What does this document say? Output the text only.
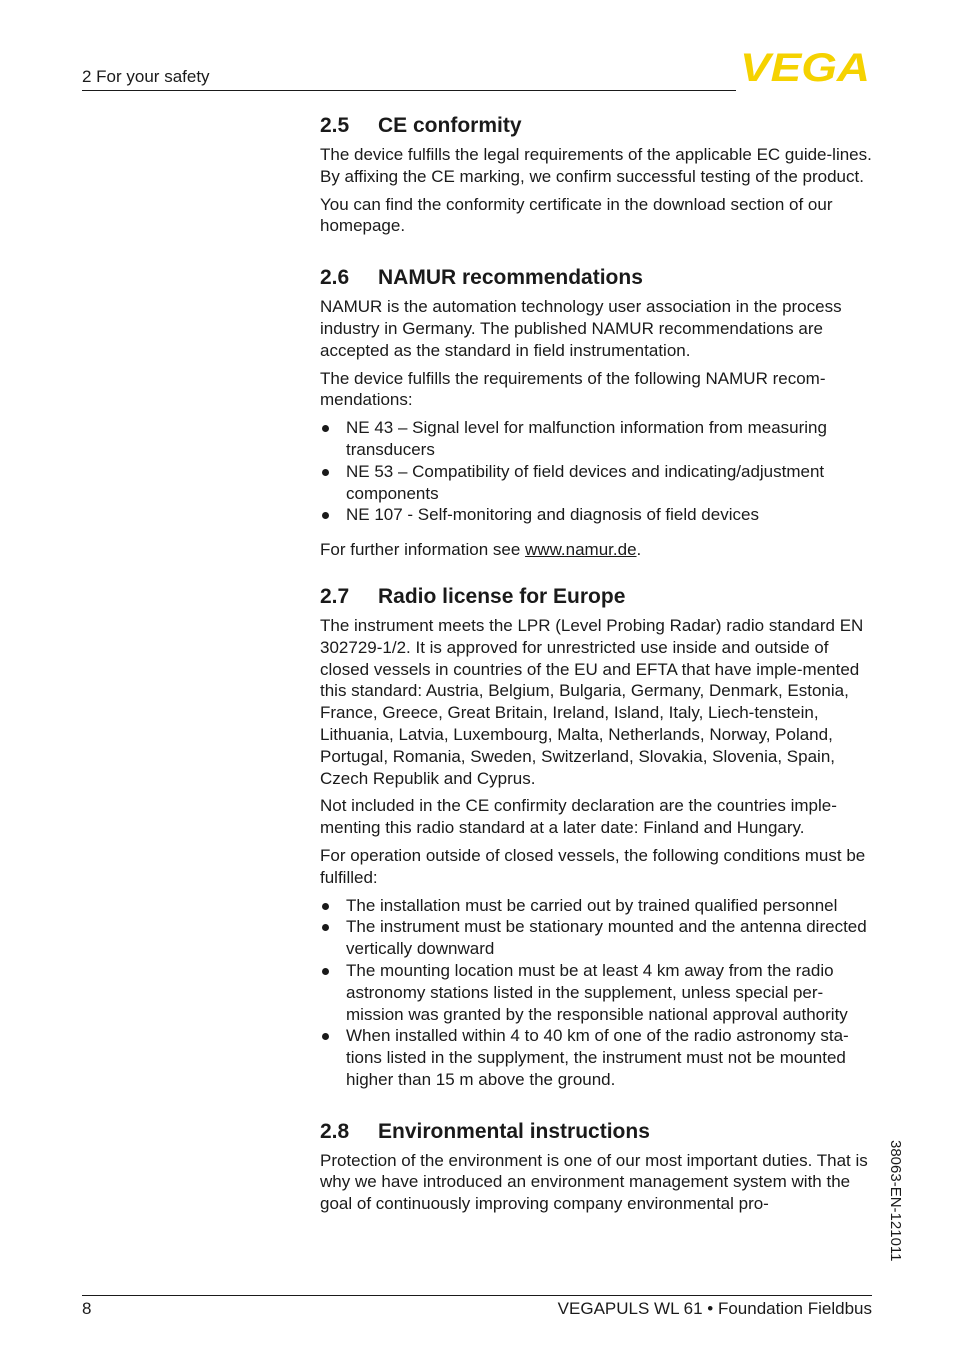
2 For your safety	VEGA
2.5	CE conformity

The device fulfills the legal requirements of the applicable EC guide-lines. By affixing the CE marking, we confirm successful testing of the product.

You can find the conformity certificate in the download section of our homepage.

2.6	NAMUR recommendations

NAMUR is the automation technology user association in the process industry in Germany. The published NAMUR recommendations are accepted as the standard in field instrumentation.

The device fulfills the requirements of the following NAMUR recom-mendations:

NE 43 – Signal level for malfunction information from measuring transducers
NE 53 – Compatibility of field devices and indicating/adjustment components
NE 107 - Self-monitoring and diagnosis of field devices

For further information see www.namur.de.

2.7	Radio license for Europe

The instrument meets the LPR (Level Probing Radar) radio standard EN 302729-1/2. It is approved for unrestricted use inside and outside of closed vessels in countries of the EU and EFTA that have imple-mented this standard: Austria, Belgium, Bulgaria, Germany, Denmark, Estonia, France, Greece, Great Britain, Ireland, Island, Italy, Liech-tenstein, Lithuania, Latvia, Luxembourg, Malta, Netherlands, Norway, Poland, Portugal, Romania, Sweden, Switzerland, Slovakia, Slovenia, Spain, Czech Republik and Cyprus.

Not included in the CE confirmity declaration are the countries imple-menting this radio standard at a later date: Finland and Hungary.

For operation outside of closed vessels, the following conditions must be fulfilled:

The installation must be carried out by trained qualified personnel
The instrument must be stationary mounted and the antenna directed vertically downward
The mounting location must be at least 4 km away from the radio astronomy stations listed in the supplement, unless special per-mission was granted by the responsible national approval authority
When installed within 4 to 40 km of one of the radio astronomy sta-tions listed in the supplyment, the instrument must not be mounted higher than 15 m above the ground.
2.8	Environmental instructions

Protection of the environment is one of our most important duties. That is why we have introduced an environment management system with the goal of continuously improving company environmental pro-	38063-EN-121011
8	VEGAPULS WL 61 • Foundation Fieldbus
